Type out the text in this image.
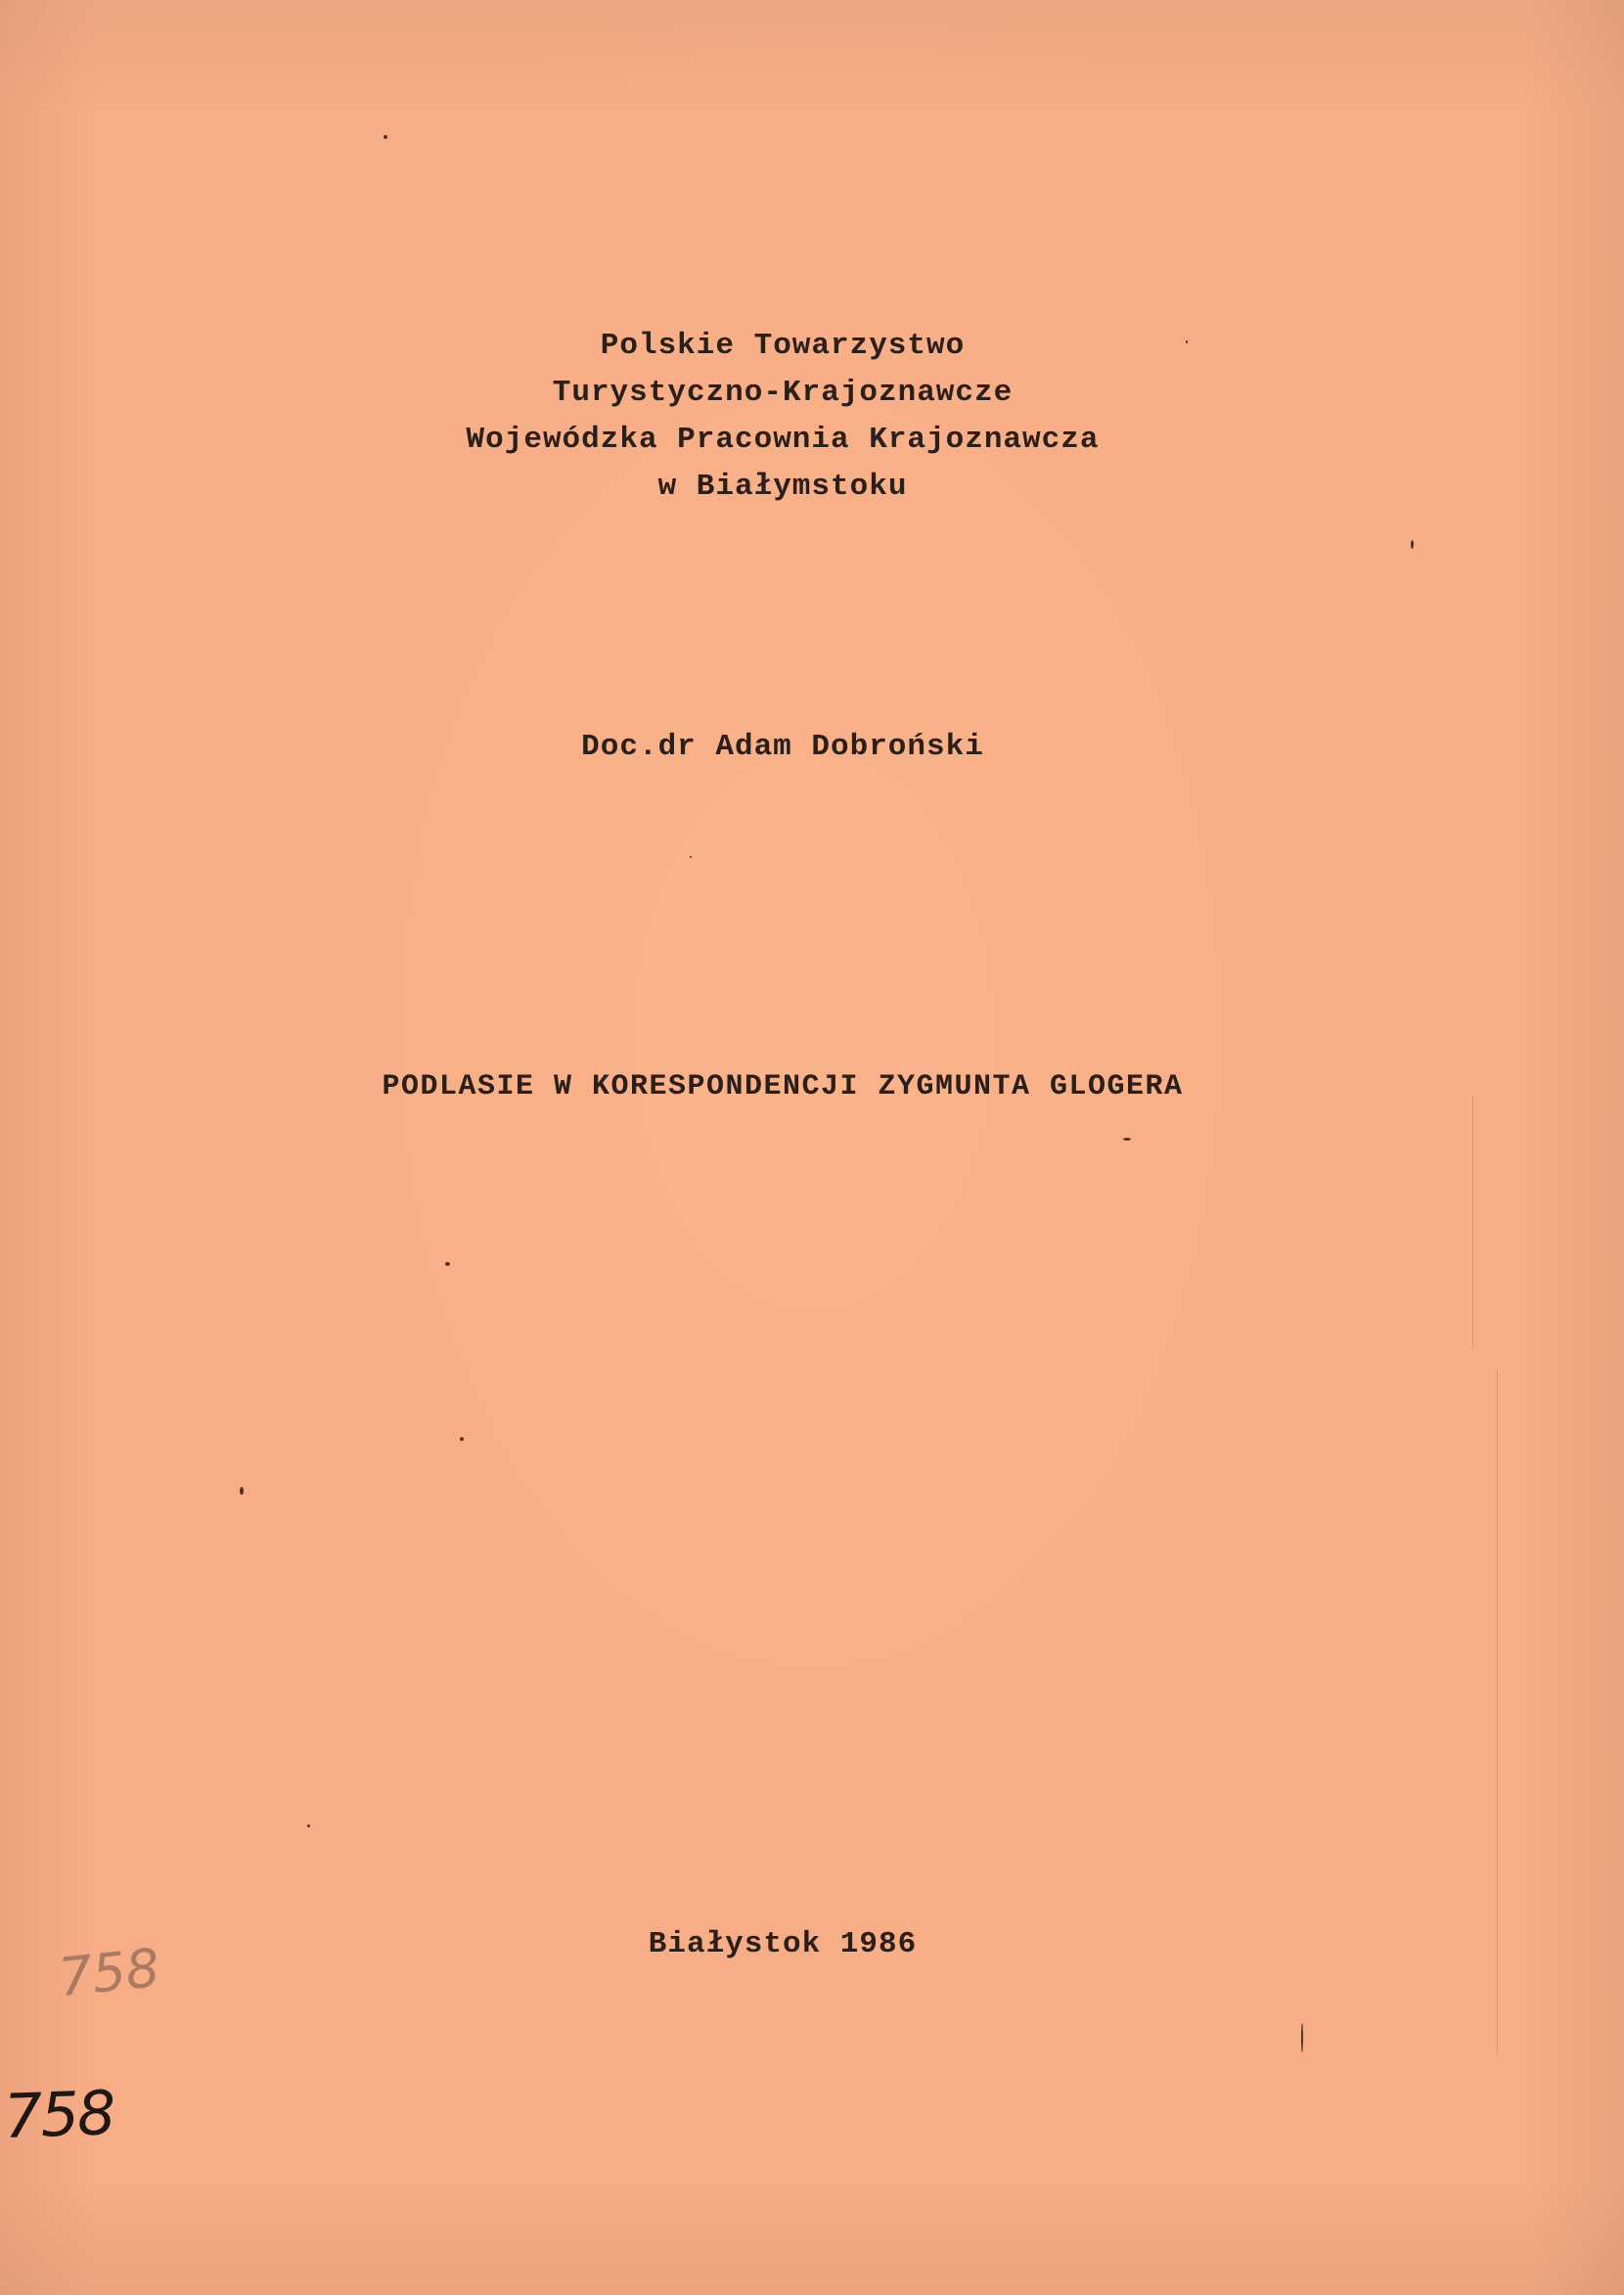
Polskie Towarzystwo
Turystyczno-Krajoznawcze
Wojewódzka Pracownia Krajoznawcza
w Białymstoku
Doc.dr Adam Dobroński
PODLASIE W KORESPONDENCJI ZYGMUNTA GLOGERA
Białystok 1986
758
758
